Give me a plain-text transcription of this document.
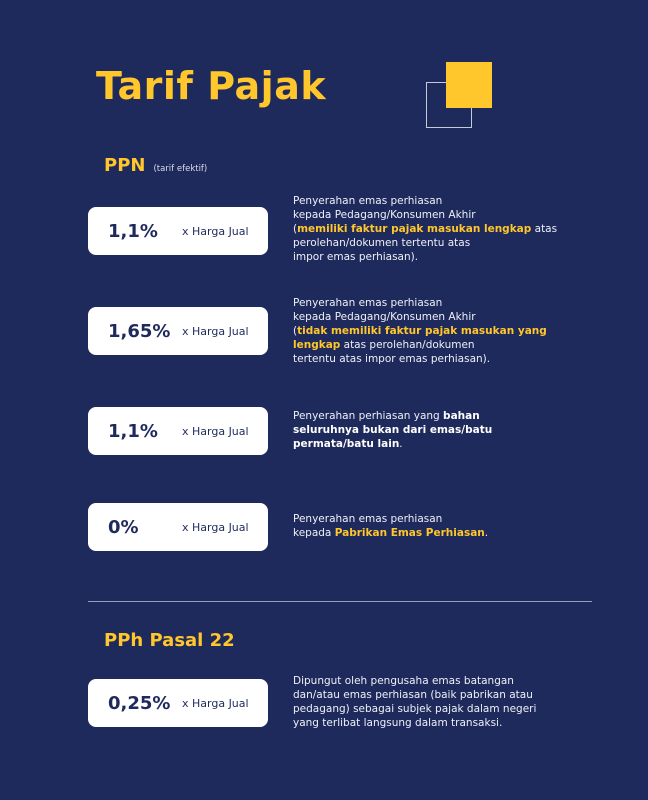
Tarif Pajak
PPN (tarif efektif)
1,1%	x Harga Jual
Penyerahan emas perhiasan
kepada Pedagang/Konsumen Akhir
(memiliki faktur pajak masukan lengkap atas
perolehan/dokumen tertentu atas
impor emas perhiasan).
1,65% x Harga Jual
Penyerahan emas perhiasan
kepada Pedagang/Konsumen Akhir
(tidak memiliki faktur pajak masukan yang
lengkap atas perolehan/dokumen
tertentu atas impor emas perhiasan).
1,1%	x Harga Jual
Penyerahan perhiasan yang bahan
seluruhnya bukan dari emas/batu
permata/batu lain.
0%	x Harga Jual
Penyerahan emas perhiasan
kepada Pabrikan Emas Perhiasan.
PPh Pasal 22
0,25% x Harga Jual
Dipungut oleh pengusaha emas batangan
dan/atau emas perhiasan (baik pabrikan atau
pedagang) sebagai subjek pajak dalam negeri
yang terlibat langsung dalam transaksi.
